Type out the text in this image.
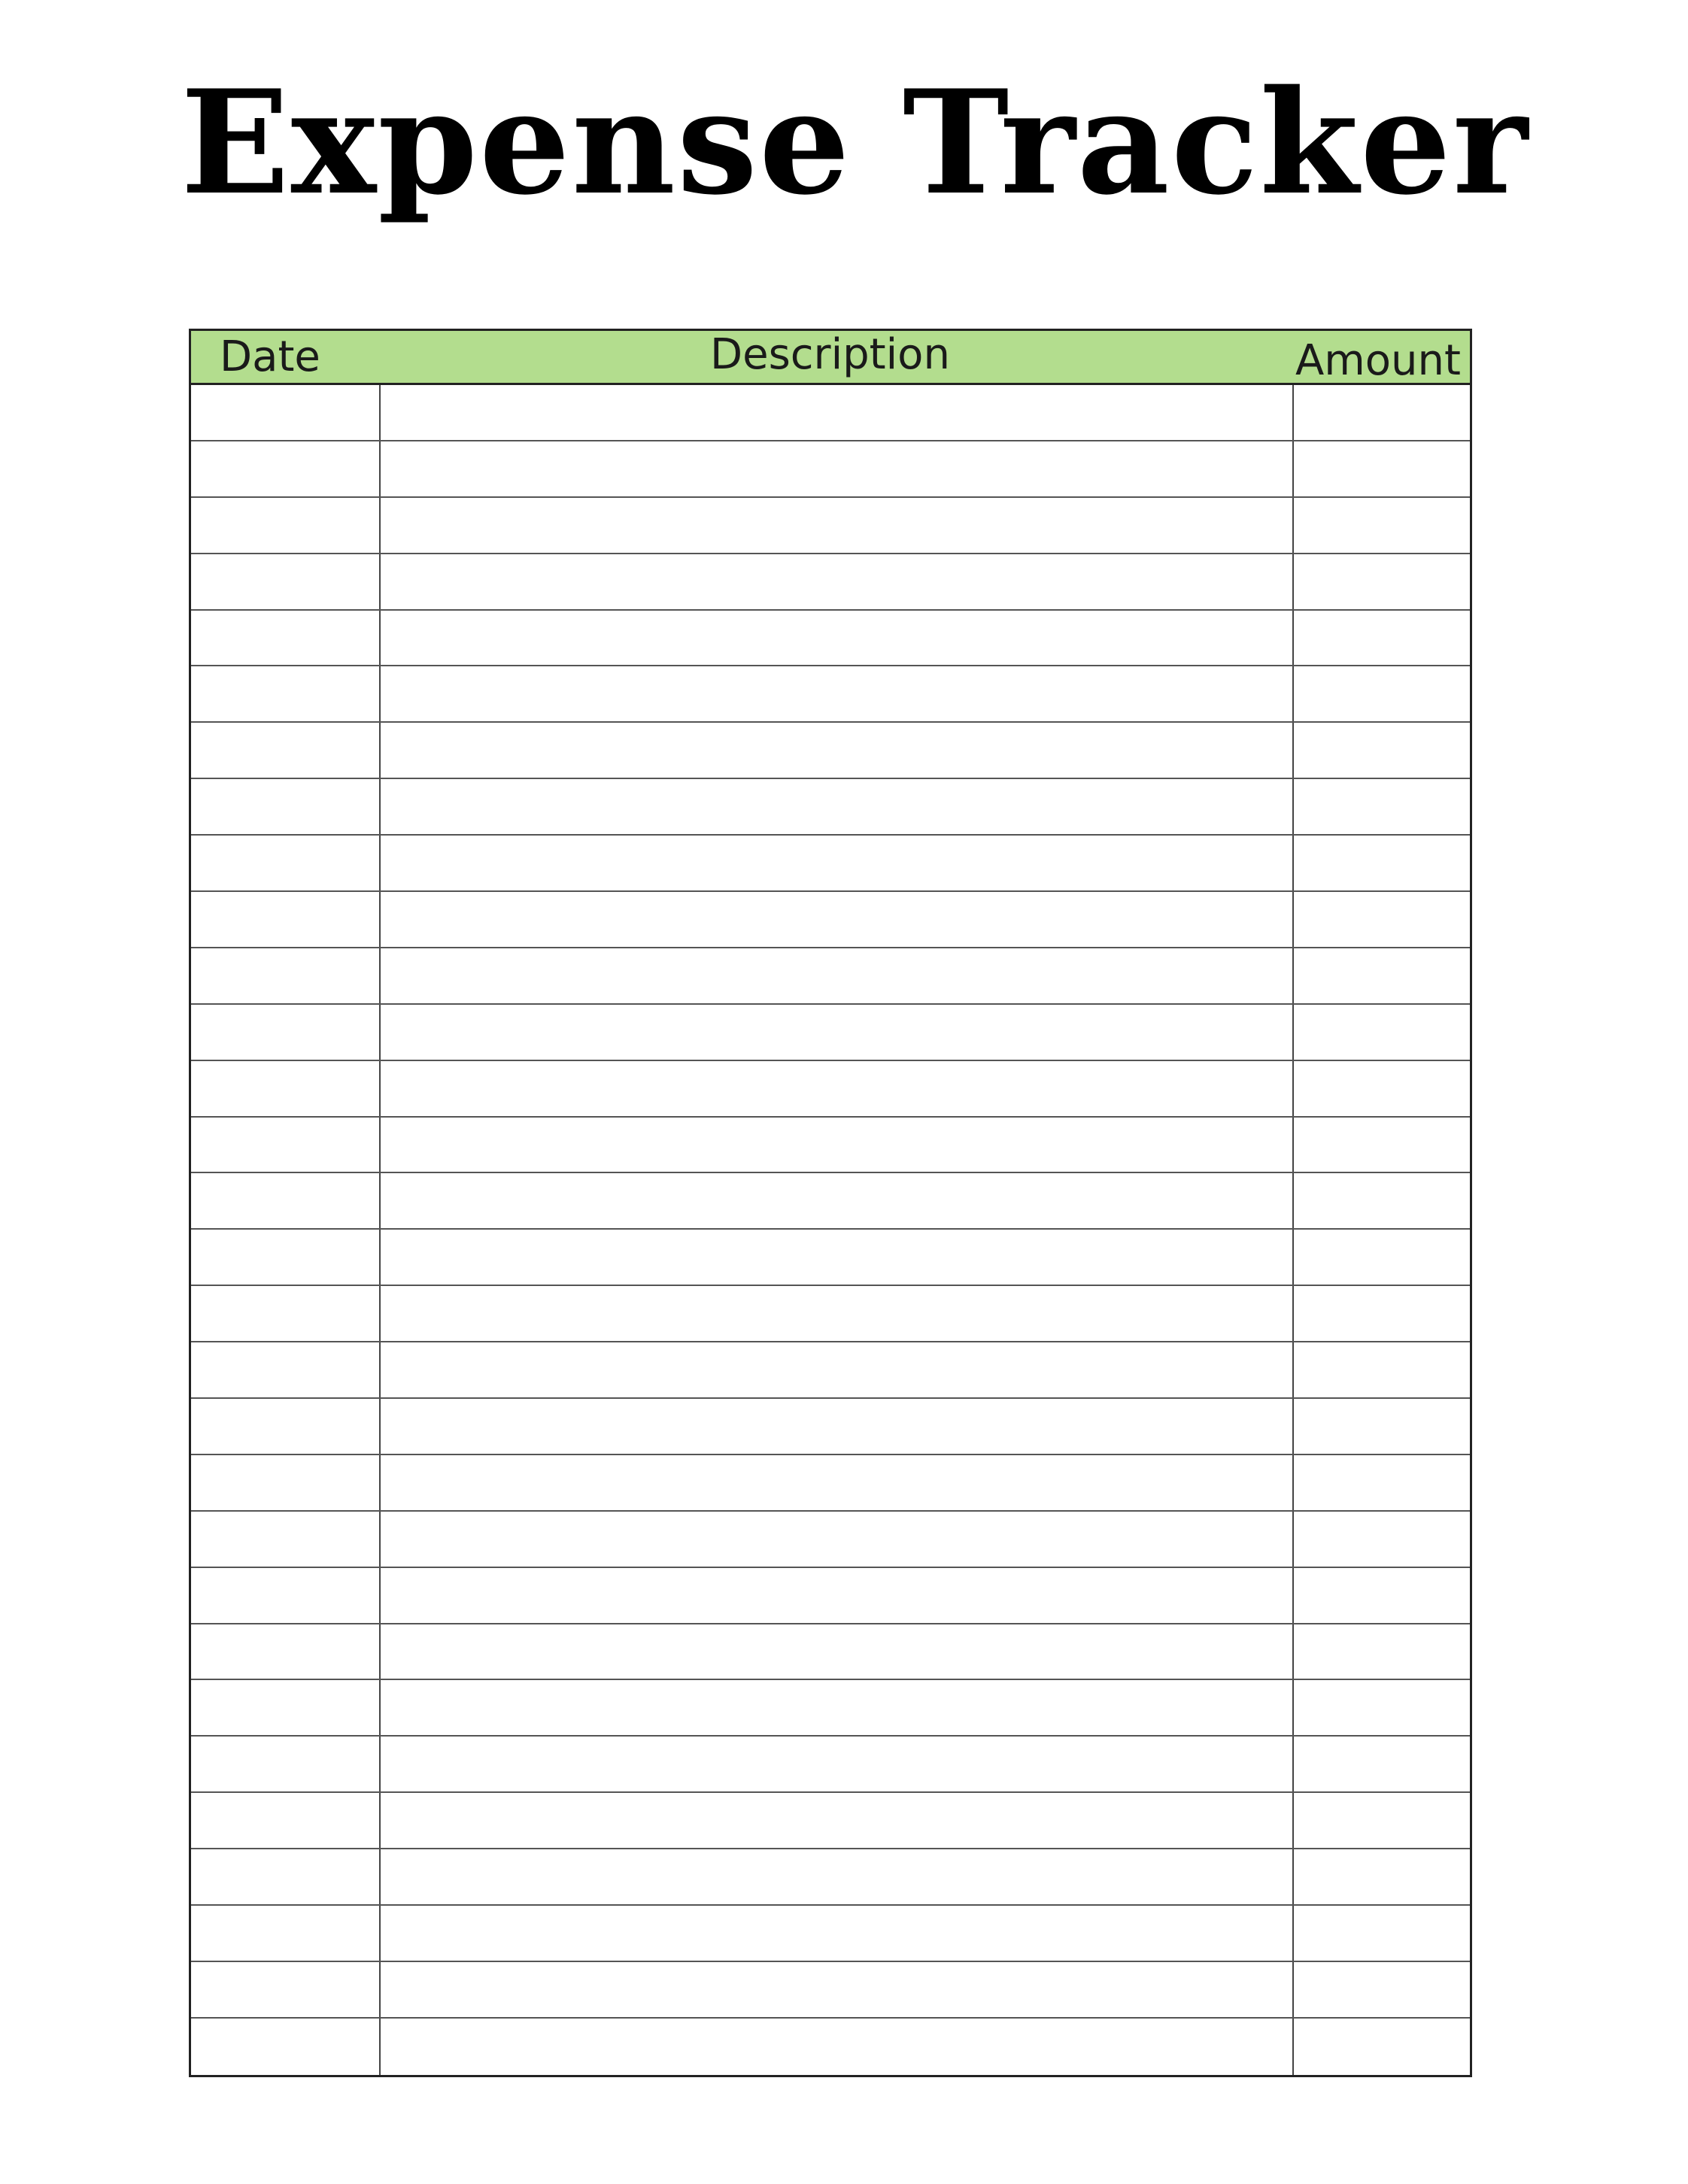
Expense Tracker
Date	Description	Amount
